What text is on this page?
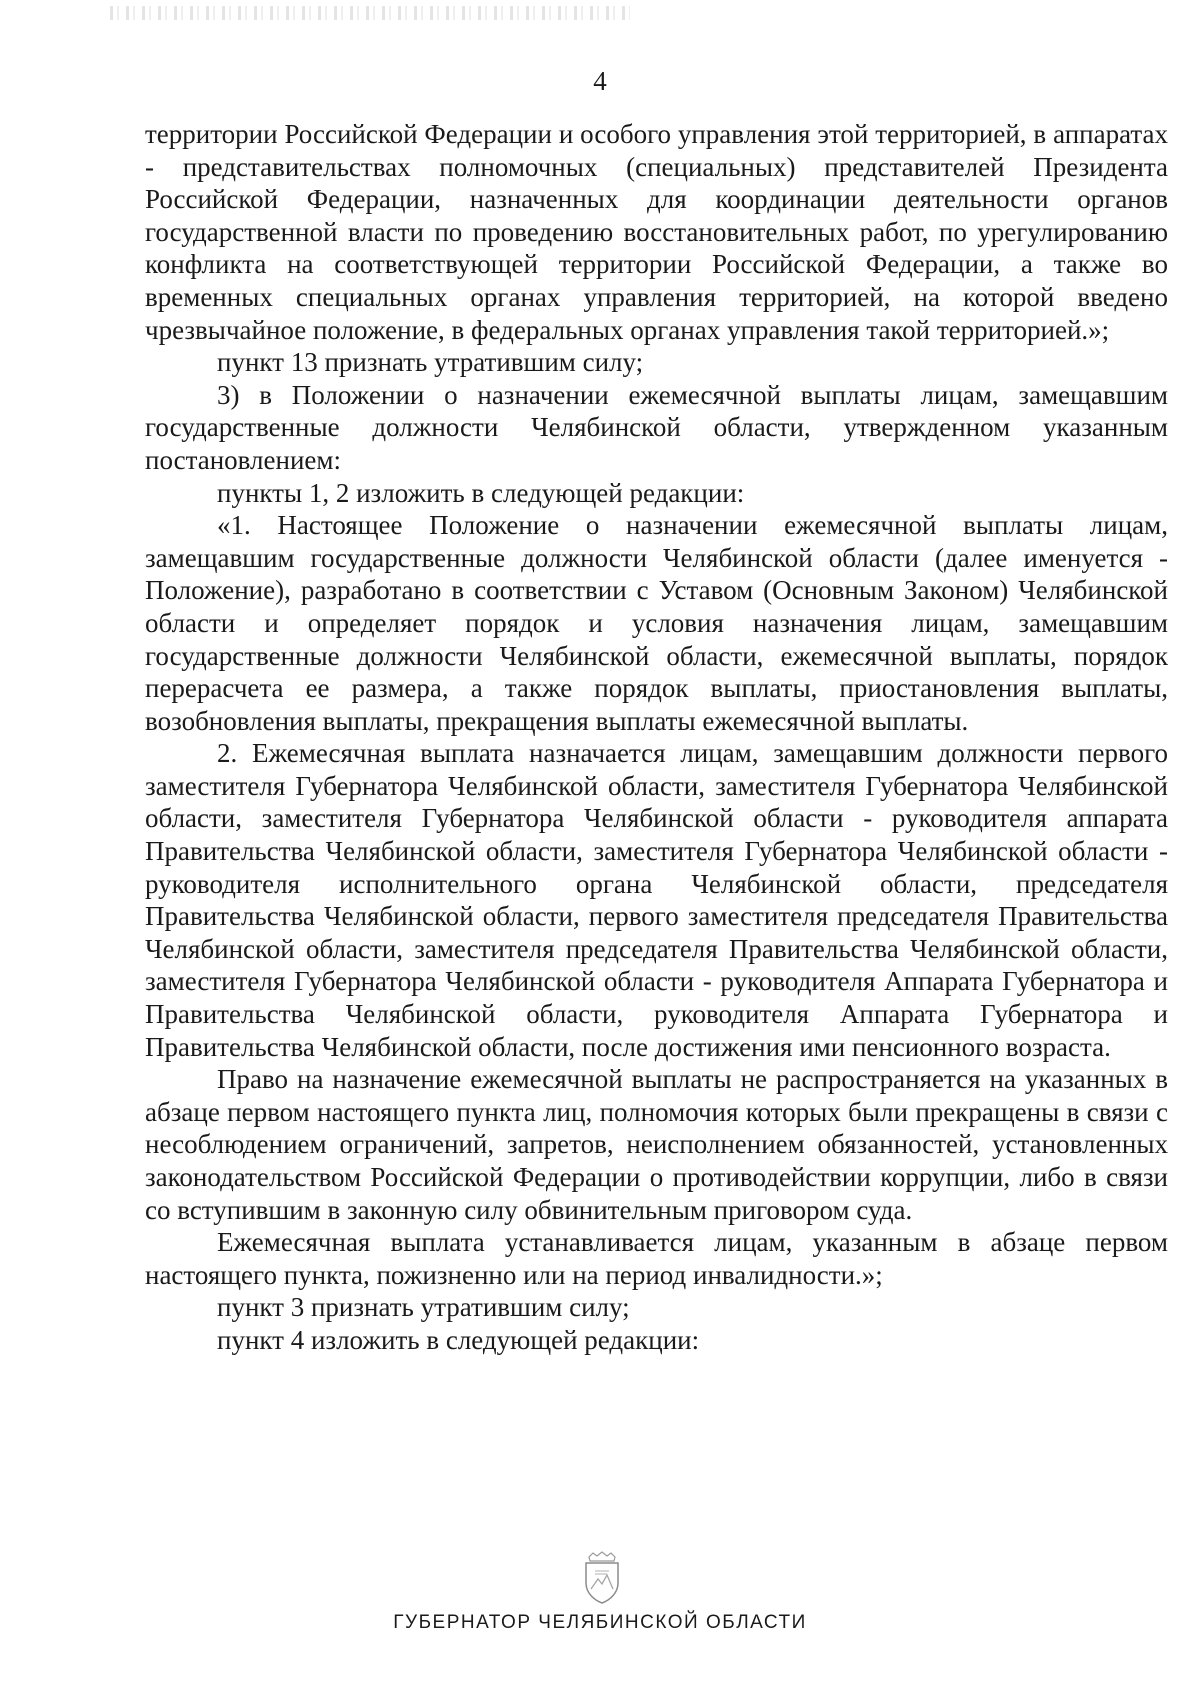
4

территории Российской Федерации и особого управления этой территорией, в аппаратах - представительствах полномочных (специальных) представителей Президента Российской Федерации, назначенных для координации деятельности органов государственной власти по проведению восстановительных работ, по урегулированию конфликта на соответствующей территории Российской Федерации, а также во временных специальных органах управления территорией, на которой введено чрезвычайное положение, в федеральных органах управления такой территорией.»;

пункт 13 признать утратившим силу;

3) в Положении о назначении ежемесячной выплаты лицам, замещавшим государственные должности Челябинской области, утвержденном указанным постановлением:

пункты 1, 2 изложить в следующей редакции:

«1. Настоящее Положение о назначении ежемесячной выплаты лицам, замещавшим государственные должности Челябинской области (далее именуется - Положение), разработано в соответствии с Уставом (Основным Законом) Челябинской области и определяет порядок и условия назначения лицам, замещавшим государственные должности Челябинской области, ежемесячной выплаты, порядок перерасчета ее размера, а также порядок выплаты, приостановления выплаты, возобновления выплаты, прекращения выплаты ежемесячной выплаты.

2. Ежемесячная выплата назначается лицам, замещавшим должности первого заместителя Губернатора Челябинской области, заместителя Губернатора Челябинской области, заместителя Губернатора Челябинской области - руководителя аппарата Правительства Челябинской области, заместителя Губернатора Челябинской области - руководителя исполнительного органа Челябинской области, председателя Правительства Челябинской области, первого заместителя председателя Правительства Челябинской области, заместителя председателя Правительства Челябинской области, заместителя Губернатора Челябинской области - руководителя Аппарата Губернатора и Правительства Челябинской области, руководителя Аппарата Губернатора и Правительства Челябинской области, после достижения ими пенсионного возраста.

Право на назначение ежемесячной выплаты не распространяется на указанных в абзаце первом настоящего пункта лиц, полномочия которых были прекращены в связи с несоблюдением ограничений, запретов, неисполнением обязанностей, установленных законодательством Российской Федерации о противодействии коррупции, либо в связи со вступившим в законную силу обвинительным приговором суда.

Ежемесячная выплата устанавливается лицам, указанным в абзаце первом настоящего пункта, пожизненно или на период инвалидности.»;

пункт 3 признать утратившим силу;

пункт 4 изложить в следующей редакции:

ГУБЕРНАТОР ЧЕЛЯБИНСКОЙ ОБЛАСТИ
